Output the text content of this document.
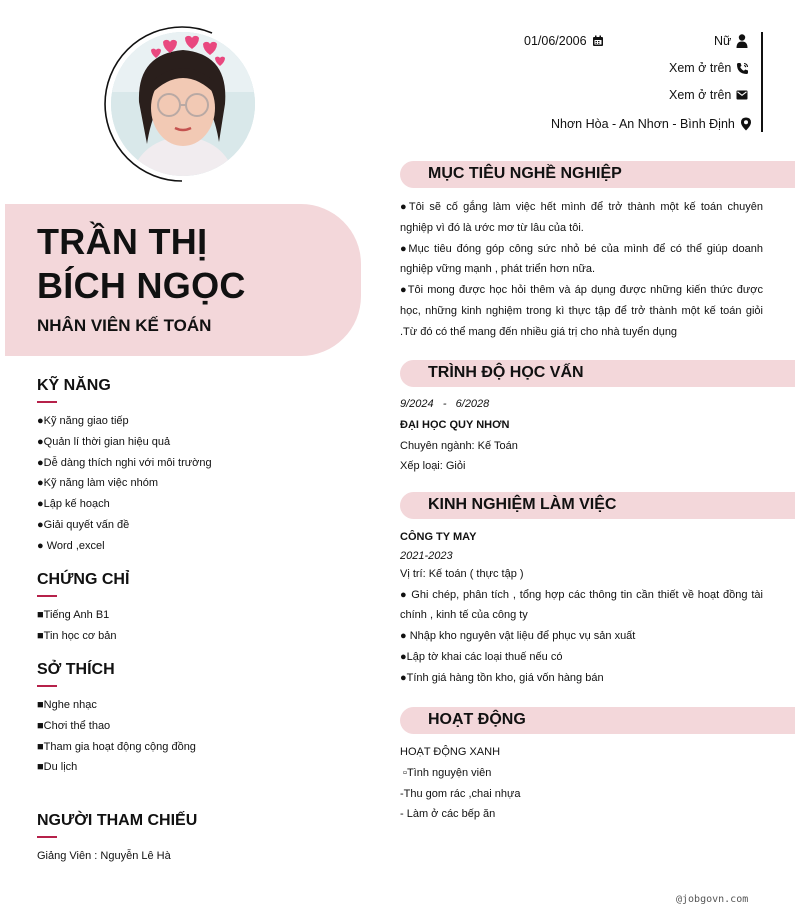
TRẦN THỊ
BÍCH NGỌC
NHÂN VIÊN KẾ TOÁN
01/06/2006	Nữ
Xem ở trên
Xem ở trên
Nhơn Hòa - An Nhơn - Bình Định
KỸ NĂNG
●Kỹ năng giao tiếp
●Quản lí thời gian hiệu quả
●Dễ dàng thích nghi với môi trường
●Kỹ năng làm việc nhóm
●Lập kế hoạch
●Giải quyết vấn đề
● Word ,excel
CHỨNG CHỈ
■Tiếng Anh B1
■Tin học cơ bản
SỞ THÍCH
■Nghe nhạc
■Chơi thể thao
■Tham gia hoạt động cộng đồng
■Du lịch
NGƯỜI THAM CHIẾU
Giảng Viên : Nguyễn Lê Hà
MỤC TIÊU NGHỀ NGHIỆP
●Tôi sẽ cố gắng làm việc hết mình để trở thành một kế toán chuyên nghiệp vì đó là ước mơ từ lâu của tôi.
●Mục tiêu đóng góp công sức nhỏ bé của mình để có thể giúp doanh nghiệp vững mạnh , phát triển hơn nữa.
●Tôi mong được học hỏi thêm và áp dụng được những kiến thức được học, những kinh nghiệm trong kì thực tập để trở thành một kế toán giỏi .Từ đó có thể mang đến nhiều giá trị cho nhà tuyển dụng
TRÌNH ĐỘ HỌC VẤN
9/2024   -   6/2028
ĐẠI HỌC QUY NHƠN
Chuyên ngành: Kế Toán
Xếp loại: Giỏi
KINH NGHIỆM LÀM VIỆC
CÔNG TY MAY
2021-2023
Vị trí: Kế toán ( thực tập )
● Ghi chép, phân tích , tổng hợp các thông tin cần thiết về hoạt đồng tài chính , kinh tế của công ty
● Nhập kho nguyên vật liệu để phục vụ sản xuất
●Lập tờ khai các loại thuế nếu có
●Tính giá hàng tồn kho, giá vốn hàng bán
HOẠT ĐỘNG
HOẠT ĐỘNG XANH
▫Tình nguyện viên
-Thu gom rác ,chai nhựa
- Làm ở các bếp ăn
@jobgovn.com
